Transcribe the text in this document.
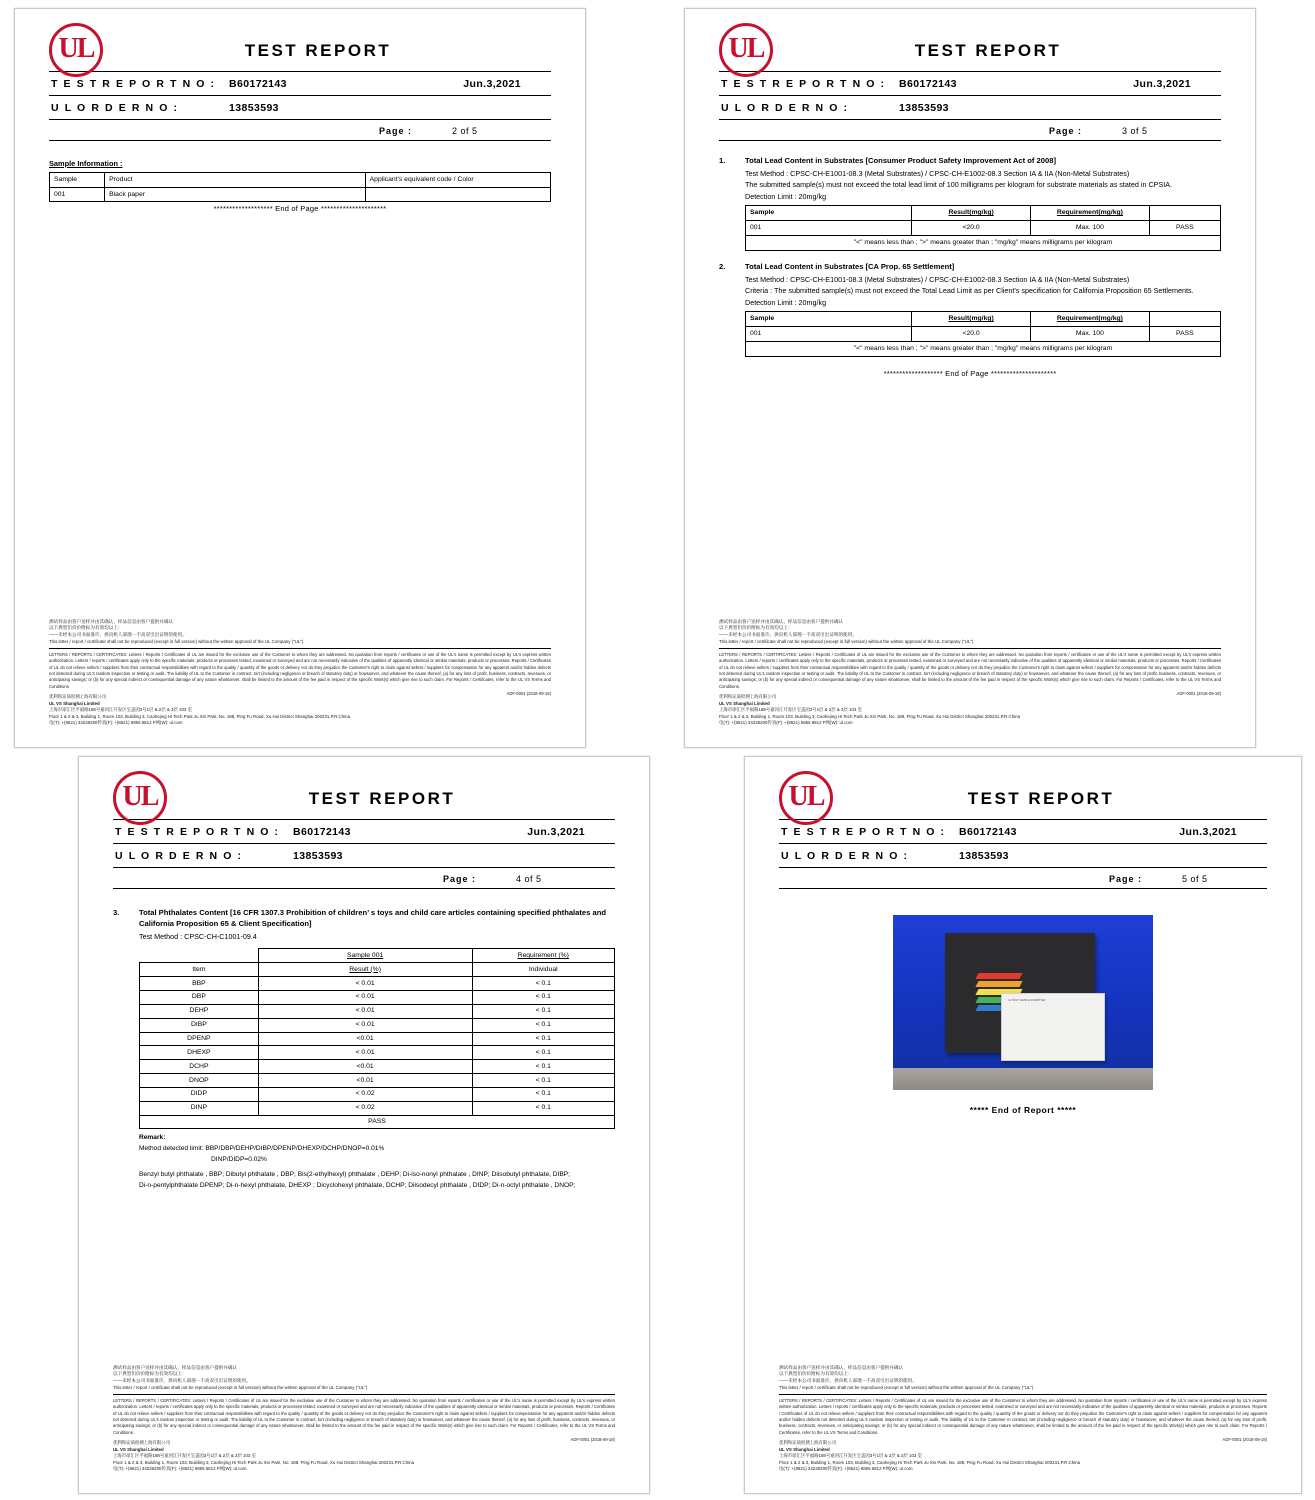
UL	TEST REPORT
T E S T R E P O R T N O :	B60172143	Jun.3,2021
U L O R D E R N O :	13853593
Page :	2 of 5
Sample Information :
Sample	Product	Applicant's equivalent code / Color
001	Black paper	
******************* End of Page *********************
测试样品由客户送样并由其确认，样品信息由客户提供并确认
以下典型们价价附标为有效均以上：
——未经本公司书面准许，供向机人部理－不高双引出证明的使用。
This letter / report / certificate shall not be reproduced (except in full version) without the written approval of the UL Company ("UL")
LETTERS / REPORTS / CERTIFICATES: Letters / Reports / Certificates of UL are issued for the exclusive use of the Customer to whom they are addressed. No quotation from reports / certificates or use of the UL's name is permitted except by UL's express written authorization. Letters / reports / certificates apply only to the specific materials, products or processes tested, examined or surveyed and are not necessarily indicative of the qualities of apparently identical or similar materials, products or processes. Reports / Certificates of UL do not relieve sellers / suppliers from their contractual responsibilities with regard to the quality / quantity of the goods or delivery nor do they prejudice the Customer's right to claim against sellers / suppliers for compensation for any apparent and/or hidden defects not detected during UL's random inspection or testing or audit. The liability of UL to the Customer in contract, tort (including negligence or breach of statutory duty) or howsoever, and whatever the cause thereof, (a) for any loss of profit, business, contracts, revenues, or anticipating savings; or (b) for any special indirect or consequential damage of any nature whatsoever, shall be limited to the amount of the fee paid in respect of the specific Work(s) which give rise to such claim. For Reports / Certificates, refer to the UL VS Terms and Conditions.
优利和证质检测上海有限公司
UL VS Shanghai Limited
上海市徐汇区平福路188号嘉河江开发区宝盖园3号1层 & 2层 & 3层 103 室
Floor 1 & 2 & 3, Building 1, Room 103, Building 3, Caohejing Hi Tech Park Ju Xin Park, No. 188, Ping Fu Road, Xu Hui District Shanghai 200231,P.R.China
电(T): +(8621) 34228200传真(F): +(8621) 6855 6812 P网(W): ul.com
ADF-0001 (2018-09-18)
UL	TEST REPORT
T E S T R E P O R T N O :	B60172143	Jun.3,2021
U L O R D E R N O :	13853593
Page :	3 of 5
1.	Total Lead Content in Substrates [Consumer Product Safety Improvement Act of 2008]
Test Method : CPSC-CH-E1001-08.3 (Metal Substrates) / CPSC-CH-E1002-08.3 Section IA & IIA (Non-Metal Substrates)
The submitted sample(s) must not exceed the total lead limit of 100 milligrams per kilogram for substrate materials as stated in CPSIA.
Detection Limit : 20mg/kg
Sample	Result(mg/kg)	Requirement(mg/kg)	
001	<20.0	Max. 100	PASS
"<" means less than ; ">" means greater than ; "mg/kg" means milligrams per kilogram			
2.	Total Lead Content in Substrates [CA Prop. 65 Settlement]
Test Method : CPSC-CH-E1001-08.3 (Metal Substrates) / CPSC-CH-E1002-08.3 Section IA & IIA (Non-Metal Substrates)
Criteria : The submitted sample(s) must not exceed the Total Lead Limit as per Client's specification for California Proposition 65 Settlements.
Detection Limit : 20mg/kg
Sample	Result(mg/kg)	Requirement(mg/kg)	
001	<20.0	Max. 100	PASS
"<" means less than ; ">" means greater than ; "mg/kg" means milligrams per kilogram			
******************* End of Page *********************
测试样品由客户送样并由其确认，样品信息由客户提供并确认
以下典型们价价附标为有效均以上：
——未经本公司书面准许，供向机人部理－不高双引出证明的使用。
This letter / report / certificate shall not be reproduced (except in full version) without the written approval of the UL Company ("UL")
LETTERS / REPORTS / CERTIFICATES: Letters / Reports / Certificates of UL are issued for the exclusive use of the Customer to whom they are addressed. No quotation from reports / certificates or use of the UL's name is permitted except by UL's express written authorization. Letters / reports / certificates apply only to the specific materials, products or processes tested, examined or surveyed and are not necessarily indicative of the qualities of apparently identical or similar materials, products or processes. Reports / Certificates of UL do not relieve sellers / suppliers from their contractual responsibilities with regard to the quality / quantity of the goods or delivery nor do they prejudice the Customer's right to claim against sellers / suppliers for compensation for any apparent and/or hidden defects not detected during UL's random inspection or testing or audit. The liability of UL to the Customer in contract, tort (including negligence or breach of statutory duty) or howsoever, and whatever the cause thereof, (a) for any loss of profit, business, contracts, revenues, or anticipating savings; or (b) for any special indirect or consequential damage of any nature whatsoever, shall be limited to the amount of the fee paid in respect of the specific Work(s) which give rise to such claim. For Reports / Certificates, refer to the UL VS Terms and Conditions.
优利和证质检测上海有限公司
UL VS Shanghai Limited
上海市徐汇区平福路188号嘉河江开发区宝盖园3号1层 & 2层 & 3层 103 室
Floor 1 & 2 & 3, Building 1, Room 103, Building 3, Caohejing Hi Tech Park Ju Xin Park, No. 188, Ping Fu Road, Xu Hui District Shanghai 200231,P.R.China
电(T): +(8621) 34228200传真(F): +(8621) 6855 6812 P网(W): ul.com
ADF-0001 (2018-09-18)
UL	TEST REPORT
T E S T R E P O R T N O :	B60172143	Jun.3,2021
U L O R D E R N O :	13853593
Page :	4 of 5
3.	Total Phthalates Content [16 CFR 1307.3 Prohibition of children’ s toys and child care articles containing specified phthalates and California Proposition 65 & Client Specification]
Test Method : CPSC-CH-C1001-09.4
	Sample 001	Requirement (%)
Item	Result (%)	Individual
BBP	< 0.01	< 0.1
DBP	< 0.01	< 0.1
DEHP	< 0.01	< 0.1
DIBP	< 0.01	< 0.1
DPENP	<0.01	< 0.1
DHEXP	< 0.01	< 0.1
DCHP	<0.01	< 0.1
DNOP	<0.01	< 0.1
DIDP	< 0.02	< 0.1
DINP	< 0.02	< 0.1
PASS		
Remark:
Method detected limit: BBP/DBP/DEHP/DIBP/DPENP/DHEXP/DCHP/DNOP=0.01%
DINP/DIDP=0.02%
Benzyl butyl phthalate , BBP; Dibutyl phthalate , DBP; Bis(2-ethylhexyl) phthalate , DEHP; Di-iso-nonyl phthalate , DINP; Diisobutyl phthalate, DIBP;
Di-n-pentylphthalate DPENP; Di-n-hexyl phthalate, DHEXP ; Dicyclohexyl phthalate, DCHP; Diisodecyl phthalate , DIDP; Di-n-octyl phthalate , DNOP;
测试样品由客户送样并由其确认，样品信息由客户提供并确认
以下典型们价价附标为有效均以上：
——未经本公司书面准许，供向机人部理－不高双引出证明的使用。
This letter / report / certificate shall not be reproduced (except in full version) without the written approval of the UL Company ("UL")
LETTERS / REPORTS / CERTIFICATES: Letters / Reports / Certificates of UL are issued for the exclusive use of the Customer to whom they are addressed. No quotation from reports / certificates or use of the UL's name is permitted except by UL's express written authorization. Letters / reports / certificates apply only to the specific materials, products or processes tested, examined or surveyed and are not necessarily indicative of the qualities of apparently identical or similar materials, products or processes. Reports / Certificates of UL do not relieve sellers / suppliers from their contractual responsibilities with regard to the quality / quantity of the goods or delivery nor do they prejudice the Customer's right to claim against sellers / suppliers for compensation for any apparent and/or hidden defects not detected during UL's random inspection or testing or audit. The liability of UL to the Customer in contract, tort (including negligence or breach of statutory duty) or howsoever, and whatever the cause thereof, (a) for any loss of profit, business, contracts, revenues, or anticipating savings; or (b) for any special indirect or consequential damage of any nature whatsoever, shall be limited to the amount of the fee paid in respect of the specific Work(s) which give rise to such claim. For Reports / Certificates, refer to the UL VS Terms and Conditions.
优利和证质检测上海有限公司
UL VS Shanghai Limited
上海市徐汇区平福路188号嘉河江开发区宝盖园3号1层 & 2层 & 3层 103 室
Floor 1 & 2 & 3, Building 1, Room 103, Building 3, Caohejing Hi Tech Park Ju Xin Park, No. 188, Ping Fu Road, Xu Hui District Shanghai 200231,P.R.China
电(T): +(8621) 34228200传真(F): +(8621) 6855 6812 P网(W): ul.com
ADF-0001 (2018-09-18)
UL	TEST REPORT
T E S T R E P O R T N O :	B60172143	Jun.3,2021
U L O R D E R N O :	13853593
Page :	5 of 5
UL TEST SAMPLE SUBMITTED
***** End of Report *****
测试样品由客户送样并由其确认，样品信息由客户提供并确认
以下典型们价价附标为有效均以上：
——未经本公司书面准许，供向机人部理－不高双引出证明的使用。
This letter / report / certificate shall not be reproduced (except in full version) without the written approval of the UL Company ("UL")
LETTERS / REPORTS / CERTIFICATES: Letters / Reports / Certificates of UL are issued for the exclusive use of the Customer to whom they are addressed. No quotation from reports / certificates or use of the UL's name is permitted except by UL's express written authorization. Letters / reports / certificates apply only to the specific materials, products or processes tested, examined or surveyed and are not necessarily indicative of the qualities of apparently identical or similar materials, products or processes. Reports / Certificates of UL do not relieve sellers / suppliers from their contractual responsibilities with regard to the quality / quantity of the goods or delivery nor do they prejudice the Customer's right to claim against sellers / suppliers for compensation for any apparent and/or hidden defects not detected during UL's random inspection or testing or audit. The liability of UL to the Customer in contract, tort (including negligence or breach of statutory duty) or howsoever, and whatever the cause thereof, (a) for any loss of profit, business, contracts, revenues, or anticipating savings; or (b) for any special indirect or consequential damage of any nature whatsoever, shall be limited to the amount of the fee paid in respect of the specific Work(s) which give rise to such claim. For Reports / Certificates, refer to the UL VS Terms and Conditions.
优利和证质检测上海有限公司
UL VS Shanghai Limited
上海市徐汇区平福路188号嘉河江开发区宝盖园3号1层 & 2层 & 3层 103 室
Floor 1 & 2 & 3, Building 1, Room 103, Building 3, Caohejing Hi Tech Park Ju Xin Park, No. 188, Ping Fu Road, Xu Hui District Shanghai 200231,P.R.China
电(T): +(8621) 34228200传真(F): +(8621) 6855 6812 P网(W): ul.com
ADF-0001 (2018-09-18)
